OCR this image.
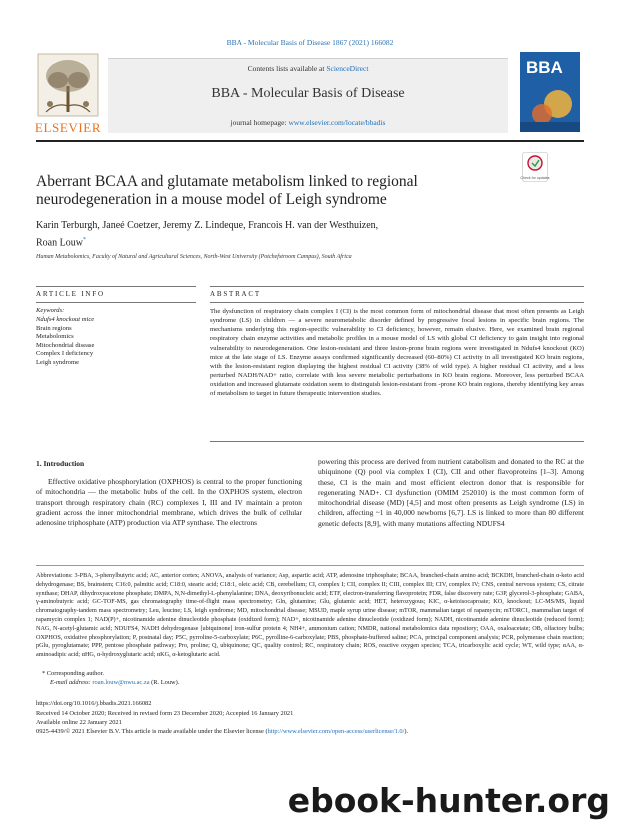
BBA - Molecular Basis of Disease 1867 (2021) 166082
ELSEVIER
Contents lists available at ScienceDirect
BBA - Molecular Basis of Disease
journal homepage: www.elsevier.com/locate/bbadis
BBA
Check for updates
Aberrant BCAA and glutamate metabolism linked to regional
neurodegeneration in a mouse model of Leigh syndrome
Karin Terburgh, Janeé Coetzer, Jeremy Z. Lindeque, Francois H. van der Westhuizen,
Roan Louw*
Human Metabolomics, Faculty of Natural and Agricultural Sciences, North-West University (Potchefstroom Campus), South Africa
ARTICLE INFO	ABSTRACT
Keywords:
Ndufs4 knockout mice
Brain regions
Metabolomics
Mitochondrial disease
Complex I deficiency
Leigh syndrome
The dysfunction of respiratory chain complex I (CI) is the most common form of mitochondrial disease that most often presents as Leigh syndrome (LS) in children — a severe neurometabolic disorder defined by progressive focal lesions in specific brain regions. The mechanisms underlying this region-specific vulnerability to CI deficiency, however, remain elusive. Here, we examined brain regional respiratory chain enzyme activities and metabolic profiles in a mouse model of LS with global CI deficiency to gain insight into regional vulnerability to neurodegeneration. One lesion-resistant and three lesion-prone brain regions were investigated in Ndufs4 knockout (KO) mice at the late stage of LS. Enzyme assays confirmed significantly decreased (60–80%) CI activity in all investigated KO brain regions, with the lesion-resistant region displaying the highest residual CI activity (38% of wild type). A higher residual CI activity, and a less perturbed NADH/NAD+ ratio, correlate with less severe metabolic perturbations in KO brain regions. Moreover, less perturbed BCAA oxidation and increased glutamate oxidation seem to distinguish lesion-resistant from -prone KO brain regions, thereby identifying key areas of metabolism to target in future therapeutic intervention studies.
1. Introduction
Effective oxidative phosphorylation (OXPHOS) is central to the proper functioning of mitochondria — the metabolic hubs of the cell. In the OXPHOS system, electron transport through respiratory chain (RC) complexes I, III and IV maintain a proton gradient across the inner mitochondrial membrane, which drives the bulk of cellular adenosine triphosphate (ATP) production via ATP synthase. The electrons
powering this process are derived from nutrient catabolism and donated to the RC at the ubiquinone (Q) pool via complex I (CI), CII and other flavoproteins [1–3]. Among these, CI is the main and most efficient electron donor that is responsible for regenerating NAD+. CI dysfunction (OMIM 252010) is the most common form of mitochondrial disease (MD) [4,5] and most often presents as Leigh syndrome (LS) in children, affecting ~1 in 40,000 newborns [6,7]. LS is linked to more than 80 different genetic defects [8,9], with many mutations affecting NDUFS4
Abbreviations: 3-PBA, 3-phenylbutyric acid; AC, anterior cortex; ANOVA, analysis of variance; Asp, aspartic acid; ATP, adenosine triphosphate; BCAA, branched-chain amino acid; BCKDH, branched-chain α-keto acid dehydrogenase; BS, brainstem; C16:0, palmitic acid; C18:0, stearic acid; C18:1, oleic acid; CB, cerebellum; CI, complex I; CII, complex II; CIII, complex III; CIV, complex IV; CNS, central nervous system; CS, citrate synthase; DHAP, dihydroxyacetone phosphate; DMPA, N,N-dimethyl-L-phenylalanine; DNA, deoxyribonucleic acid; ETF, electron-transferring flavoprotein; FDR, false discovery rate; G3P, glycerol-3-phosphate; GABA, γ-aminobutyric acid; GC-TOF-MS, gas chromatography time-of-flight mass spectrometry; Gln, glutamine; Glu, glutamic acid; HET, heterozygous; KIC, α-ketoisocaproate; KO, knockout; LC-MS/MS, liquid chromatography-tandem mass spectrometry; Leu, leucine; LS, leigh syndrome; MD, mitochondrial disease; MSUD, maple syrup urine disease; mTOR, mammalian target of rapamycin; mTORC1, mammalian target of rapamycin complex 1; NAD(P)+, nicotinamide adenine dinucleotide phosphate (oxidized form); NAD+, nicotinamide adenine dinucleotide (oxidized form); NADH, nicotinamide adenine dinucleotide (reduced form); NAG, N-acetyl-glutamic acid; NDUFS4, NADH dehydrogenase [ubiquinone] iron-sulfur protein 4; NH4+, ammonium cation; NMDR, national metabolomics data repository; OAA, oxaloacetate; OB, olfactory bulbs; OXPHOS, oxidative phosphorylation; P, postnatal day; P5C, pyrroline-5-carboxylate; P6C, pyrolline-6-carboxylate; PBS, phosphate-buffered saline; PCA, principal component analysis; PCR, polymerase chain reaction; pGlu, pyroglutamate; PPP, pentose phosphate pathway; Pro, proline; Q, ubiquinone; QC, quality control; RC, respiratory chain; ROS, reactive oxygen species; TCA, tricarboxylic acid cycle; WT, wild type; αAA, α-aminoadipic acid; αHG, α-hydroxyglutaric acid; αKG, α-ketoglutaric acid.
* Corresponding author.
E-mail address: roan.louw@nwu.ac.za (R. Louw).
https://doi.org/10.1016/j.bbadis.2021.166082
Received 14 October 2020; Received in revised form 23 December 2020; Accepted 16 January 2021
Available online 22 January 2021
0925-4439/© 2021 Elsevier B.V. This article is made available under the Elsevier license (http://www.elsevier.com/open-access/userlicense/1.0/).
ebook-hunter.org
